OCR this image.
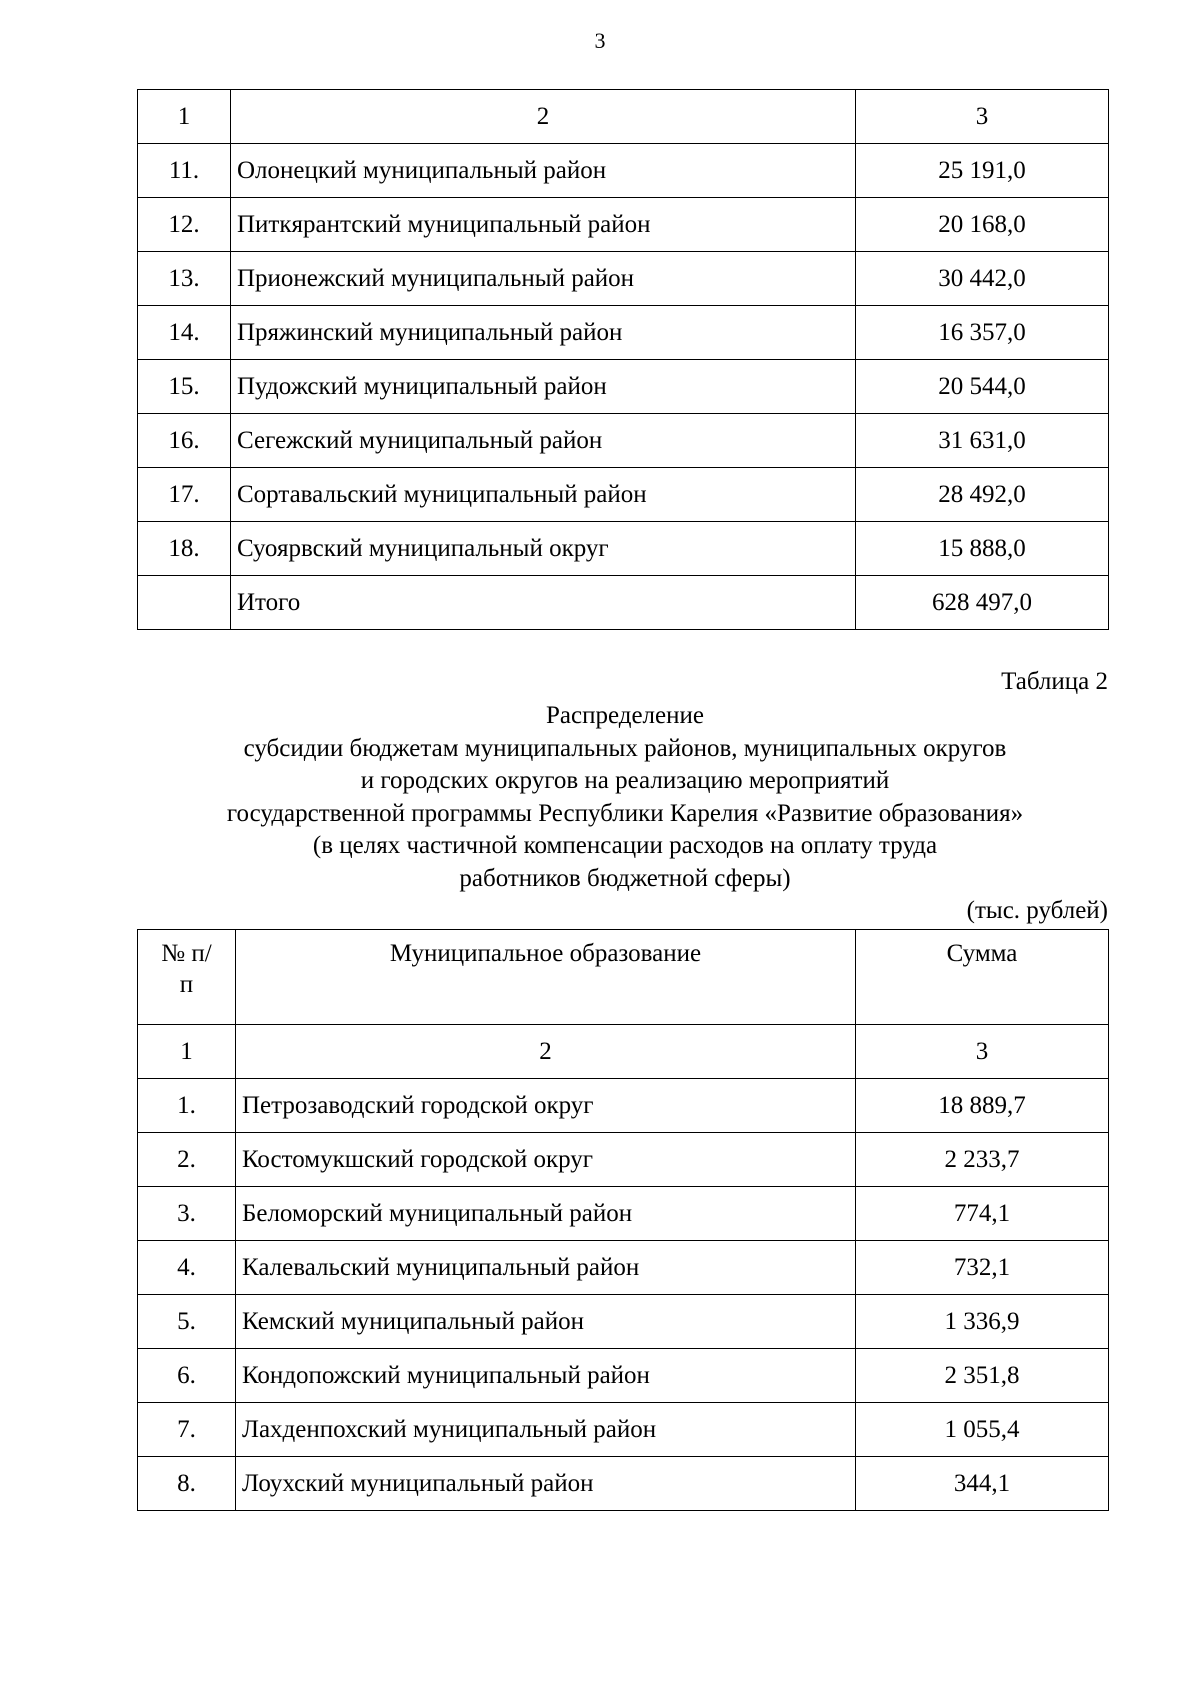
3
1	2	3
11.	Олонецкий муниципальный район	25 191,0
12.	Питкярантский муниципальный район	20 168,0
13.	Прионежский муниципальный район	30 442,0
14.	Пряжинский муниципальный район	16 357,0
15.	Пудожский муниципальный район	20 544,0
16.	Сегежский муниципальный район	31 631,0
17.	Сортавальский муниципальный район	28 492,0
18.	Суоярвский муниципальный округ	15 888,0
	Итого	628 497,0
Таблица 2
Распределение
субсидии бюджетам муниципальных районов, муниципальных округов
и городских округов на реализацию мероприятий
государственной программы Республики Карелия «Развитие образования»
(в целях частичной компенсации расходов на оплату труда
работников бюджетной сферы)
(тыс. рублей)
№ п/п	Муниципальное образование	Сумма
1	2	3
1.	Петрозаводский городской округ	18 889,7
2.	Костомукшский городской округ	2 233,7
3.	Беломорский муниципальный район	774,1
4.	Калевальский муниципальный район	732,1
5.	Кемский муниципальный район	1 336,9
6.	Кондопожский муниципальный район	2 351,8
7.	Лахденпохский муниципальный район	1 055,4
8.	Лоухский муниципальный район	344,1
